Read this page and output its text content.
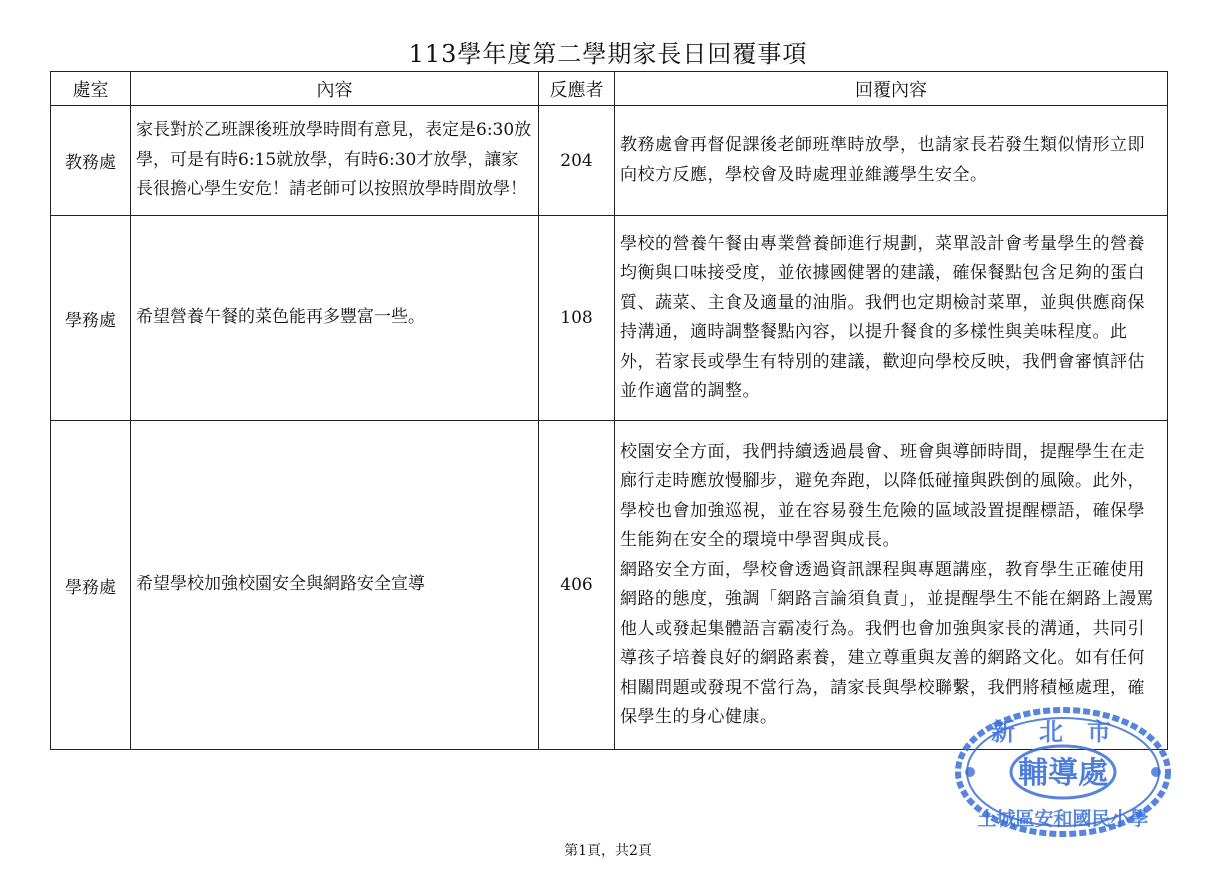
113學年度第二學期家長日回覆事項
處室	內容	反應者	回覆內容
教務處	家長對於乙班課後班放學時間有意見，表定是6:30放學，可是有時6:15就放學，有時6:30才放學，讓家長很擔心學生安危！請老師可以按照放學時間放學！	204	教務處會再督促課後老師班準時放學，也請家長若發生類似情形立即向校方反應，學校會及時處理並維護學生安全。

學務處	希望營養午餐的菜色能再多豐富一些。	108	學校的營養午餐由專業營養師進行規劃，菜單設計會考量學生的營養均衡與口味接受度，並依據國健署的建議，確保餐點包含足夠的蛋白質、蔬菜、主食及適量的油脂。我們也定期檢討菜單，並與供應商保持溝通，適時調整餐點內容，以提升餐食的多樣性與美味程度。此外，若家長或學生有特別的建議，歡迎向學校反映，我們會審慎評估並作適當的調整。

學務處	希望學校加強校園安全與網路安全宣導	406	校園安全方面，我們持續透過晨會、班會與導師時間，提醒學生在走廊行走時應放慢腳步，避免奔跑，以降低碰撞與跌倒的風險。此外，學校也會加強巡視，並在容易發生危險的區域設置提醒標語，確保學生能夠在安全的環境中學習與成長。

網路安全方面，學校會透過資訊課程與專題講座，教育學生正確使用網路的態度，強調「網路言論須負責」，並提醒學生不能在網路上謾罵他人或發起集體語言霸凌行為。我們也會加強與家長的溝通，共同引導孩子培養良好的網路素養，建立尊重與友善的網路文化。如有任何相關問題或發現不當行為，請家長與學校聯繫，我們將積極處理，確保學生的身心健康。

新北市
輔導處
土城區安和國民小學
第1頁，共2頁
